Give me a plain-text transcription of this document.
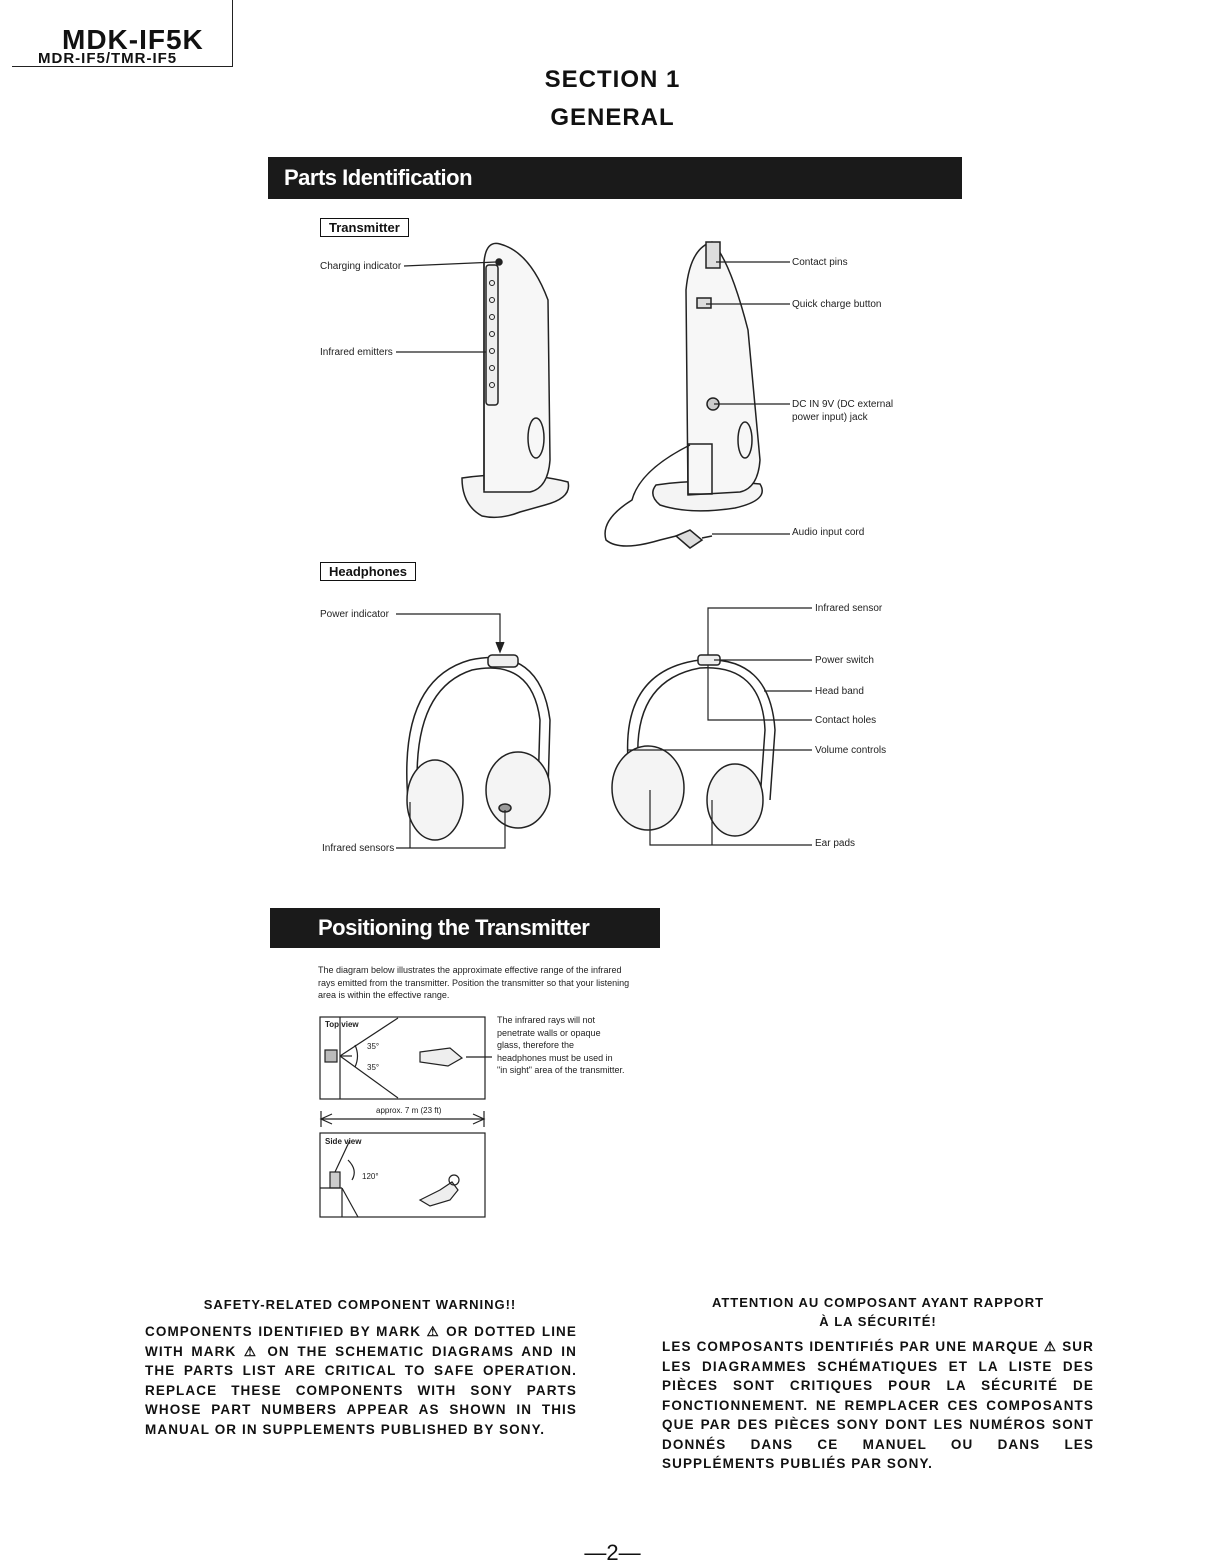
MDK-IF5K
MDR-IF5/TMR-IF5
SECTION 1
GENERAL
Parts Identification
Transmitter
Charging indicator
Infrared emitters
Contact pins
Quick charge button
DC IN 9V (DC external
power input) jack
Audio input cord
Headphones
Power indicator
Infrared sensors
Infrared sensor
Power switch
Head band
Contact holes
Volume controls
Ear pads
Positioning the Transmitter
The diagram below illustrates the approximate effective range of the infrared rays emitted from the transmitter. Position the transmitter so that your listening area is within the effective range.
The infrared rays will not penetrate walls or opaque glass, therefore the headphones must be used in "in sight" area of the transmitter.
Top view
35°
35°
approx. 7 m (23 ft)
Side view
120°
SAFETY-RELATED COMPONENT WARNING!!
COMPONENTS IDENTIFIED BY MARK ⚠ OR DOTTED LINE WITH MARK ⚠ ON THE SCHEMATIC DIAGRAMS AND IN THE PARTS LIST ARE CRITICAL TO SAFE OPERATION. REPLACE THESE COMPONENTS WITH SONY PARTS WHOSE PART NUMBERS APPEAR AS SHOWN IN THIS MANUAL OR IN SUPPLEMENTS PUBLISHED BY SONY.
ATTENTION AU COMPOSANT AYANT RAPPORT
À LA SÉCURITÉ!
LES COMPOSANTS IDENTIFIÉS PAR UNE MARQUE ⚠ SUR LES DIAGRAMMES SCHÉMATIQUES ET LA LISTE DES PIÈCES SONT CRITIQUES POUR LA SÉCURITÉ DE FONCTIONNEMENT. NE REMPLACER CES COMPOSANTS QUE PAR DES PIÈCES SONY DONT LES NUMÉROS SONT DONNÉS DANS CE MANUEL OU DANS LES SUPPLÉMENTS PUBLIÉS PAR SONY.
—2—
